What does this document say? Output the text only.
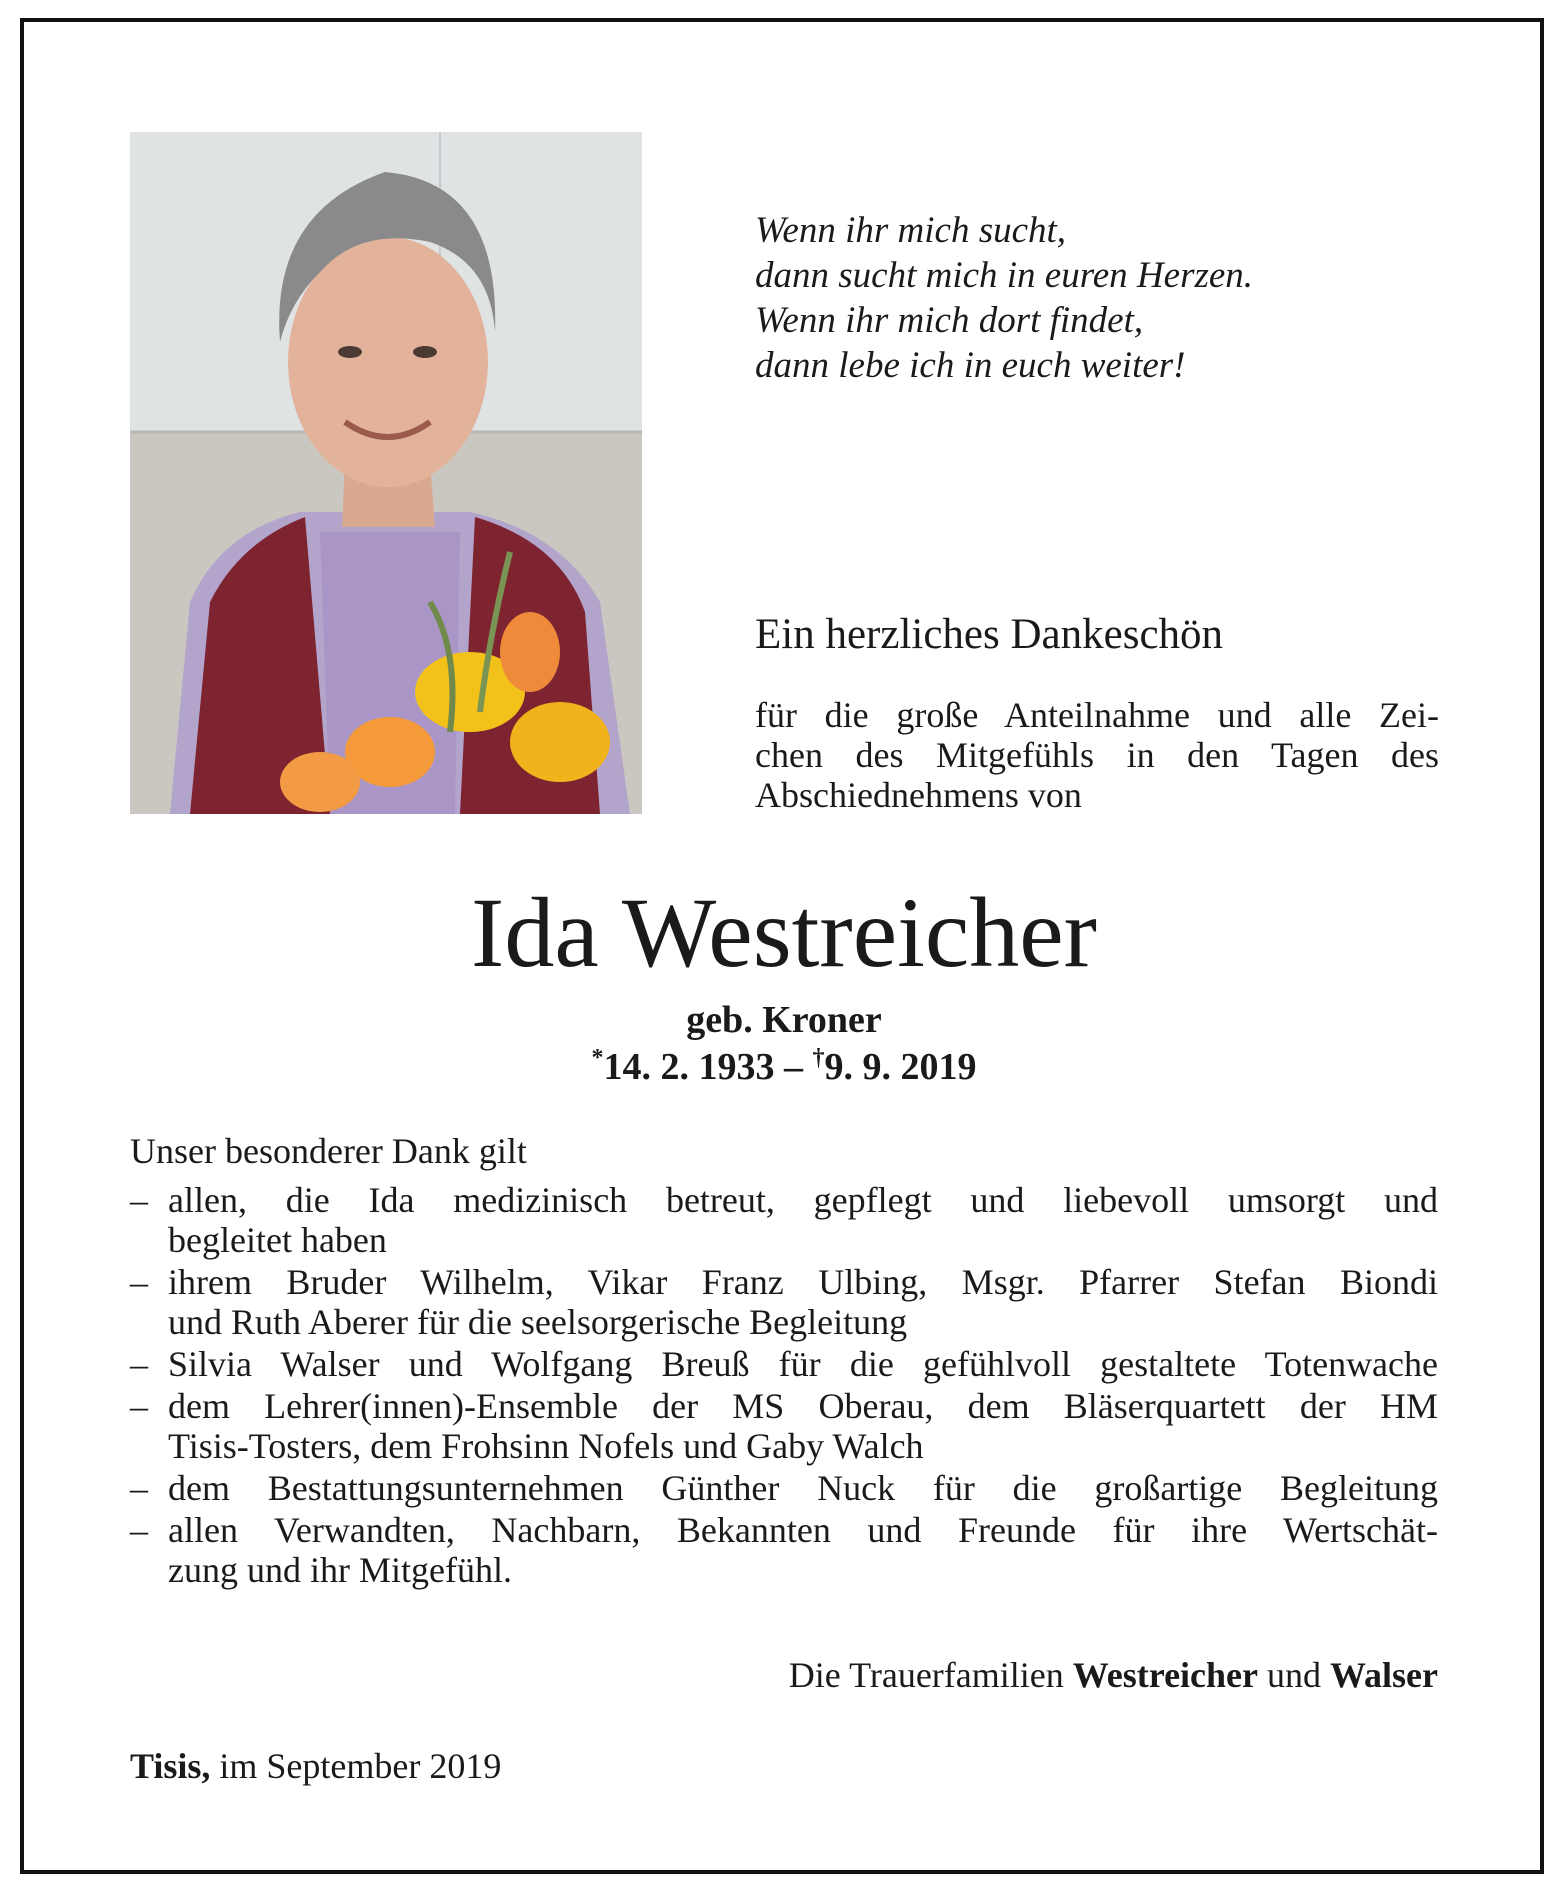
Wenn ihr mich sucht,
dann sucht mich in euren Herzen.
Wenn ihr mich dort findet,
dann lebe ich in euch weiter!
Ein herzliches Dankeschön
für die große Anteilnahme und alle Zei-
chen des Mitgefühls in den Tagen des
Abschiednehmens von
Ida Westreicher
geb. Kroner
*14. 2. 1933 – †9. 9. 2019
Unser besonderer Dank gilt
– allen, die Ida medizinisch betreut, gepflegt und liebevoll umsorgt und
begleitet haben
– ihrem Bruder Wilhelm, Vikar Franz Ulbing, Msgr. Pfarrer Stefan Biondi
und Ruth Aberer für die seelsorgerische Begleitung
– Silvia Walser und Wolfgang Breuß für die gefühlvoll gestaltete Totenwache
– dem Lehrer(innen)-Ensemble der MS Oberau, dem Bläserquartett der HM
Tisis-Tosters, dem Frohsinn Nofels und Gaby Walch
– dem Bestattungsunternehmen Günther Nuck für die großartige Begleitung
– allen Verwandten, Nachbarn, Bekannten und Freunde für ihre Wertschät-
zung und ihr Mitgefühl.
Die Trauerfamilien Westreicher und Walser
Tisis, im September 2019
